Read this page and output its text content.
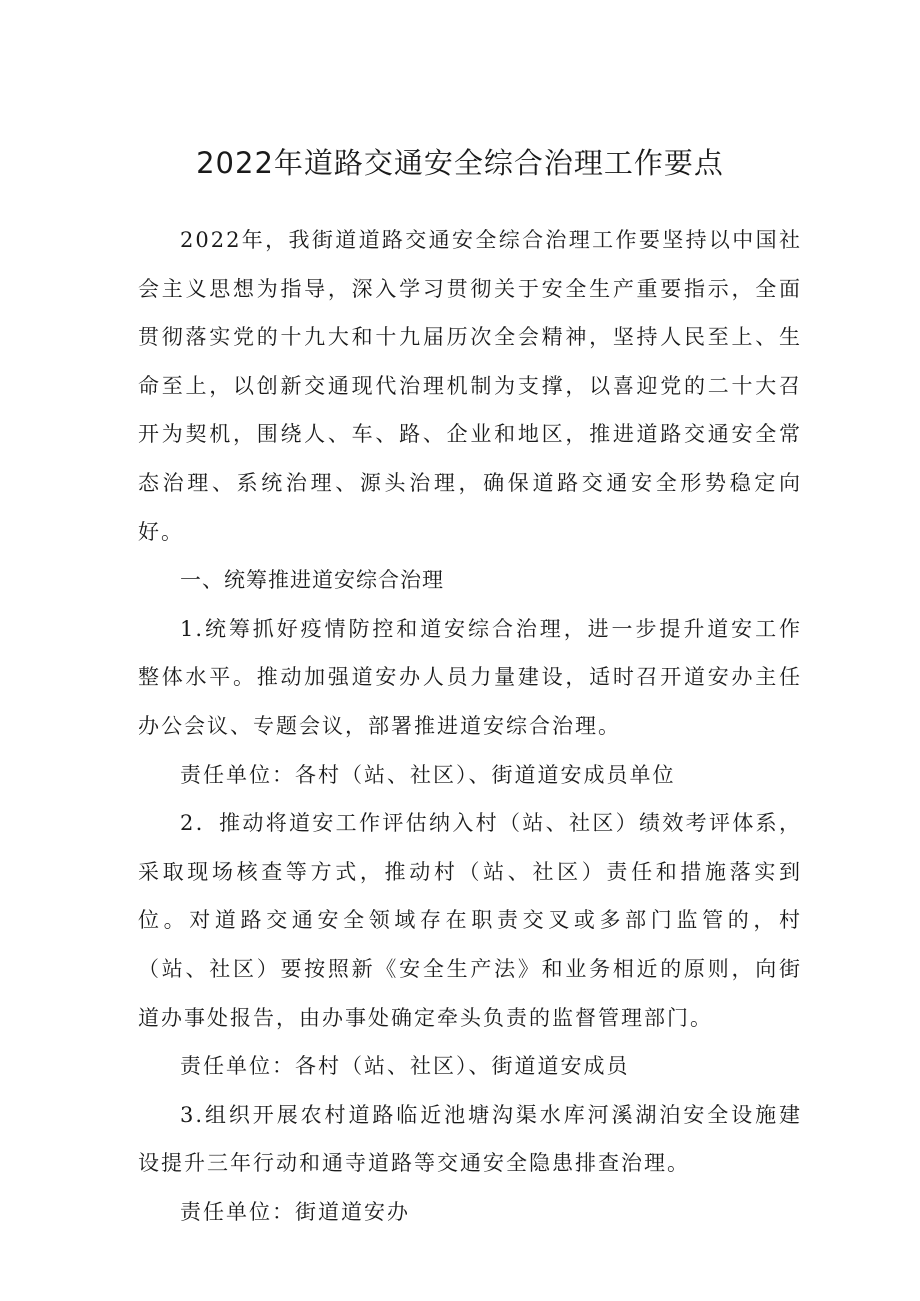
2022年道路交通安全综合治理工作要点

2022年，我街道道路交通安全综合治理工作要坚持以中国社会主义思想为指导，深入学习贯彻关于安全生产重要指示，全面贯彻落实党的十九大和十九届历次全会精神，坚持人民至上、生命至上，以创新交通现代治理机制为支撑，以喜迎党的二十大召开为契机，围绕人、车、路、企业和地区，推进道路交通安全常态治理、系统治理、源头治理，确保道路交通安全形势稳定向好。

一、统筹推进道安综合治理

1.统筹抓好疫情防控和道安综合治理，进一步提升道安工作整体水平。推动加强道安办人员力量建设，适时召开道安办主任办公会议、专题会议，部署推进道安综合治理。

责任单位：各村（站、社区）、街道道安成员单位

2．推动将道安工作评估纳入村（站、社区）绩效考评体系，采取现场核查等方式，推动村（站、社区）责任和措施落实到位。对道路交通安全领域存在职责交叉或多部门监管的，村（站、社区）要按照新《安全生产法》和业务相近的原则，向街道办事处报告，由办事处确定牵头负责的监督管理部门。

责任单位：各村（站、社区）、街道道安成员

3.组织开展农村道路临近池塘沟渠水库河溪湖泊安全设施建设提升三年行动和通寺道路等交通安全隐患排查治理。

责任单位：街道道安办
